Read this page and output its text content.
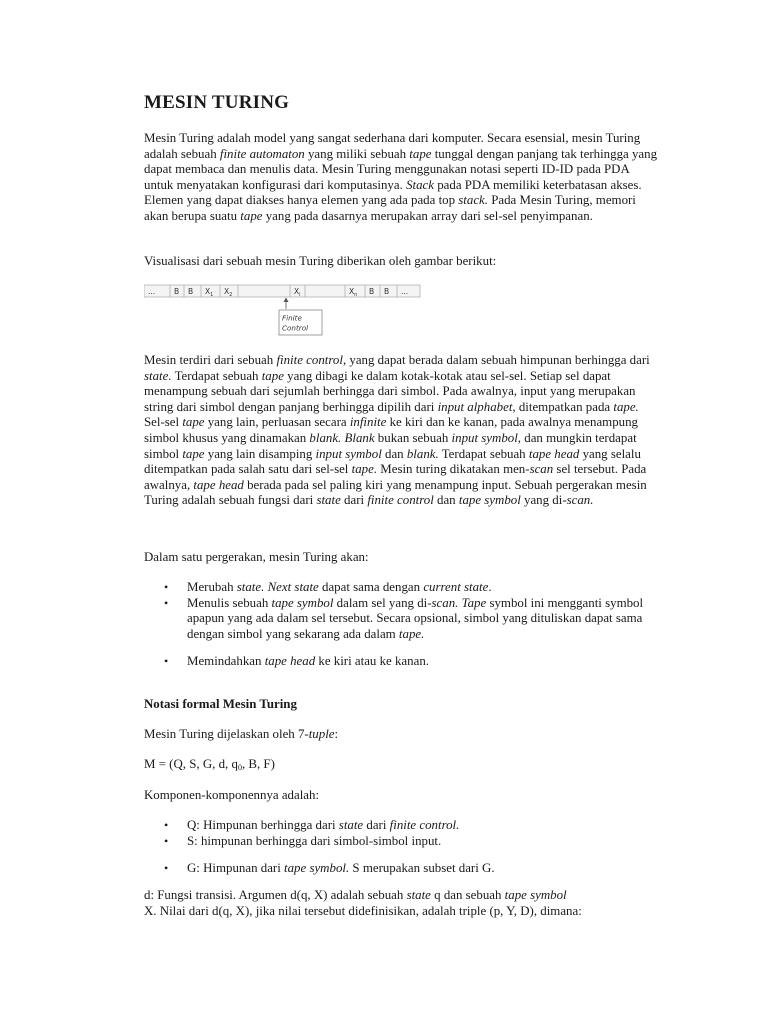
MESIN TURING

Mesin Turing adalah model yang sangat sederhana dari komputer. Secara esensial, mesin Turing adalah sebuah finite automaton yang miliki sebuah tape tunggal dengan panjang tak terhingga yang dapat membaca dan menulis data. Mesin Turing menggunakan notasi seperti ID-ID pada PDA untuk menyatakan konfigurasi dari komputasinya. Stack pada PDA memiliki keterbatasan akses. Elemen yang dapat diakses hanya elemen yang ada pada top stack. Pada Mesin Turing, memori akan berupa suatu tape yang pada dasarnya merupakan array dari sel-sel penyimpanan.

Visualisasi dari sebuah mesin Turing diberikan oleh gambar berikut:

...	B B $X_1$ $X_2$	$X_i$	$X_n$ B B ...
Finite
Control

Mesin terdiri dari sebuah finite control, yang dapat berada dalam sebuah himpunan berhingga dari state. Terdapat sebuah tape yang dibagi ke dalam kotak-kotak atau sel-sel. Setiap sel dapat menampung sebuah dari sejumlah berhingga dari simbol. Pada awalnya, input yang merupakan string dari simbol dengan panjang berhingga dipilih dari input alphabet, ditempatkan pada tape. Sel-sel tape yang lain, perluasan secara infinite ke kiri dan ke kanan, pada awalnya menampung simbol khusus yang dinamakan blank. Blank bukan sebuah input symbol, dan mungkin terdapat simbol tape yang lain disamping input symbol dan blank. Terdapat sebuah tape head yang selalu ditempatkan pada salah satu dari sel-sel tape. Mesin turing dikatakan men-scan sel tersebut. Pada awalnya, tape head berada pada sel paling kiri yang menampung input. Sebuah pergerakan mesin Turing adalah sebuah fungsi dari state dari finite control dan tape symbol yang di-scan.

Dalam satu pergerakan, mesin Turing akan:

• Merubah state. Next state dapat sama dengan current state.
• Menulis sebuah tape symbol dalam sel yang di-scan. Tape symbol ini mengganti symbol apapun yang ada dalam sel tersebut. Secara opsional, simbol yang dituliskan dapat sama dengan simbol yang sekarang ada dalam tape.
• Memindahkan tape head ke kiri atau ke kanan.

Notasi formal Mesin Turing

Mesin Turing dijelaskan oleh 7-tuple:

M = (Q, S, G, d, $q_0$, B, F)

Komponen-komponennya adalah:

• Q: Himpunan berhingga dari state dari finite control.
• S: himpunan berhingga dari simbol-simbol input.
• G: Himpunan dari tape symbol. S merupakan subset dari G.

d: Fungsi transisi. Argumen d(q, X) adalah sebuah state q dan sebuah tape symbol

X. Nilai dari d(q, X), jika nilai tersebut didefinisikan, adalah triple (p, Y, D), dimana:
